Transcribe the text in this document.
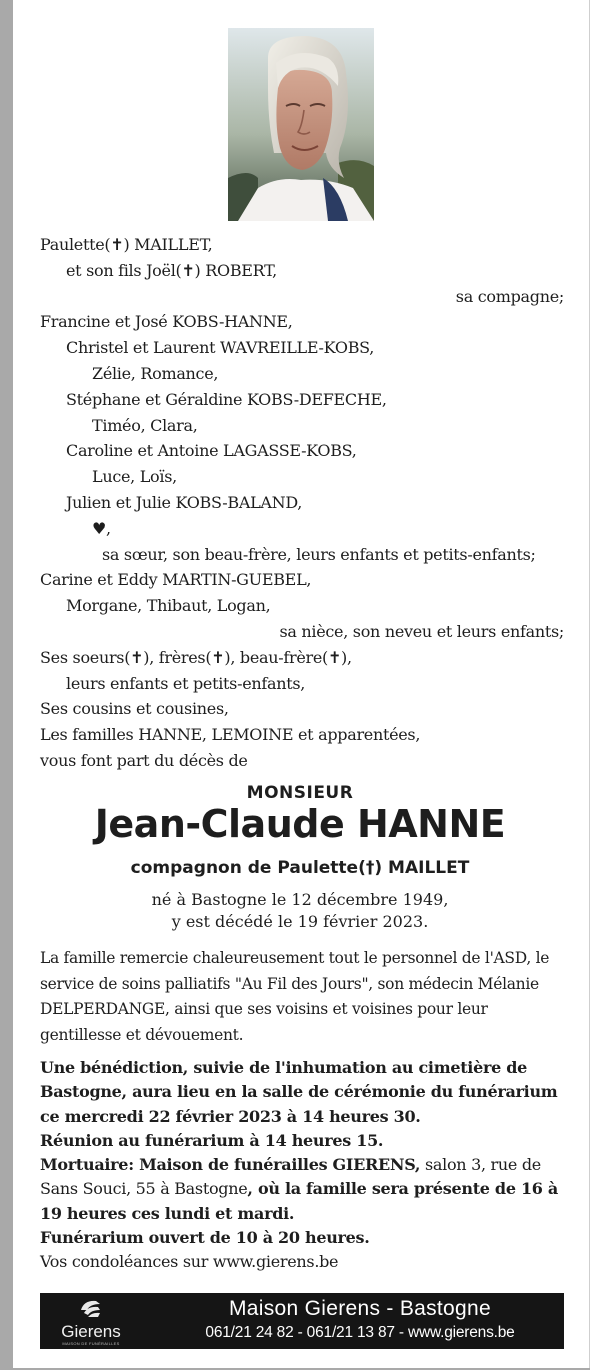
Paulette(✝) MAILLET,
et son fils Joël(✝) ROBERT,
sa compagne;
Francine et José KOBS-HANNE,
Christel et Laurent WAVREILLE-KOBS,
Zélie, Romance,
Stéphane et Géraldine KOBS-DEFECHE,
Timéo, Clara,
Caroline et Antoine LAGASSE-KOBS,
Luce, Loïs,
Julien et Julie KOBS-BALAND,
♥,
sa sœur, son beau-frère, leurs enfants et petits-enfants;
Carine et Eddy MARTIN-GUEBEL,
Morgane, Thibaut, Logan,
sa nièce, son neveu et leurs enfants;
Ses soeurs(✝), frères(✝), beau-frère(✝),
leurs enfants et petits-enfants,
Ses cousins et cousines,
Les familles HANNE, LEMOINE et apparentées,
vous font part du décès de
MONSIEUR
Jean-Claude HANNE
compagnon de Paulette(†) MAILLET
né à Bastogne le 12 décembre 1949,
y est décédé le 19 février 2023.
La famille remercie chaleureusement tout le personnel de l'ASD, le service de soins palliatifs "Au Fil des Jours", son médecin Mélanie DELPERDANGE, ainsi que ses voisins et voisines pour leur gentillesse et dévouement.
Une bénédiction, suivie de l'inhumation au cimetière de Bastogne, aura lieu en la salle de cérémonie du funérarium ce mercredi 22 février 2023 à 14 heures 30.
Réunion au funérarium à 14 heures 15.
Mortuaire: Maison de funérailles GIERENS, salon 3, rue de Sans Souci, 55 à Bastogne, où la famille sera présente de 16 à 19 heures ces lundi et mardi.
Funérarium ouvert de 10 à 20 heures.
Vos condoléances sur www.gierens.be
Gierens
MAISON DE FUNÉRAILLES
Maison Gierens - Bastogne
061/21 24 82 - 061/21 13 87 - www.gierens.be
